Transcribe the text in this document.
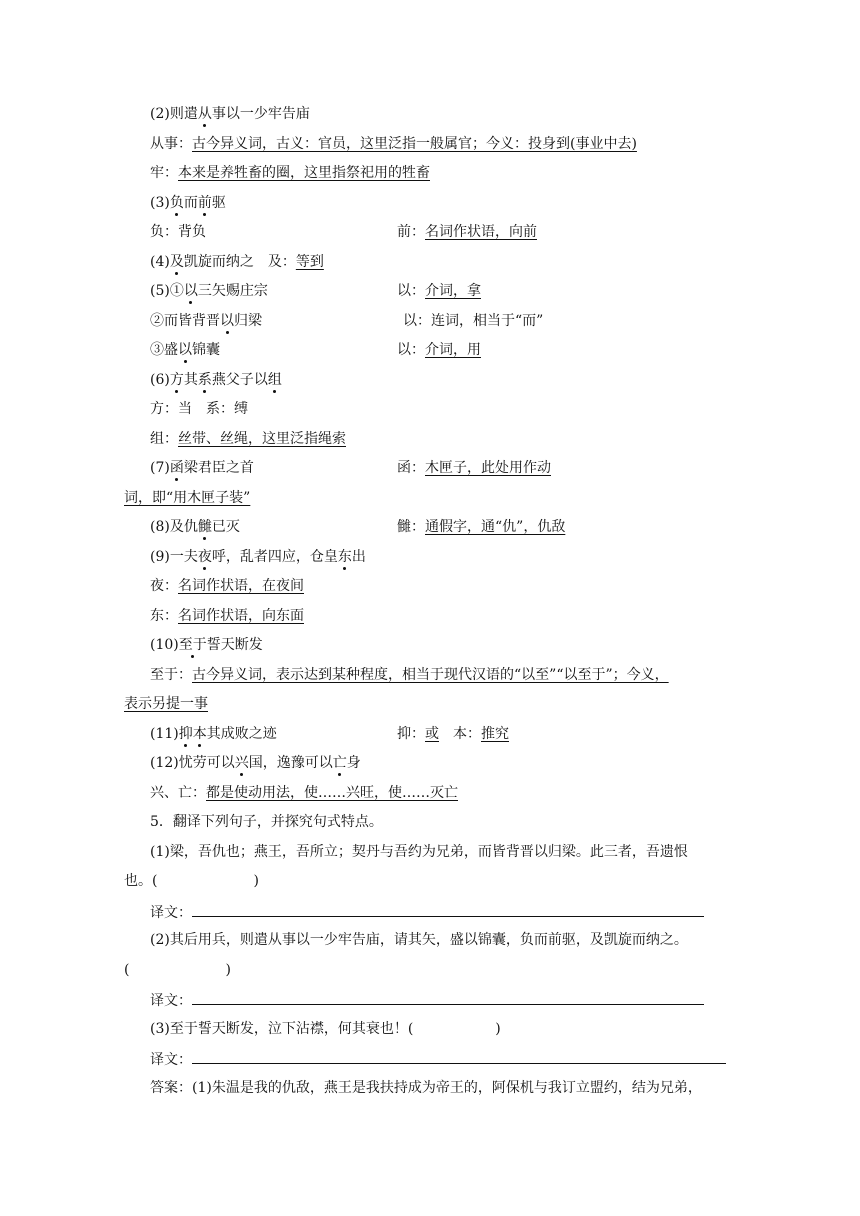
(2)则遣从事以一少牢告庙
从事：古今异义词，古义：官员，这里泛指一般属官；今义：投身到(事业中去)
牢：本来是养牲畜的圈，这里指祭祀用的牲畜
(3)负而前驱
负：背负	前：名词作状语，向前
(4)及凯旋而纳之　及：等到
(5)①以三矢赐庄宗	以：介词，拿
②而皆背晋以归梁	以：连词，相当于“而”
③盛以锦囊	以：介词，用
(6)方其系燕父子以组
方：当　系：缚
组：丝带、丝绳，这里泛指绳索
(7)函梁君臣之首	函：木匣子，此处用作动
词，即“用木匣子装”
(8)及仇雠已灭	雠：通假字，通“仇”，仇敌
(9)一夫夜呼，乱者四应，仓皇东出
夜：名词作状语，在夜间
东：名词作状语，向东面
(10)至于誓天断发
至于：古今异义词，表示达到某种程度，相当于现代汉语的“以至”“以至于”；今义，
表示另提一事
(11)抑本其成败之迹	抑：或　本：推究
(12)忧劳可以兴国，逸豫可以亡身
兴、亡：都是使动用法，使……兴旺，使……灭亡
5．翻译下列句子，并探究句式特点。
(1)梁，吾仇也；燕王，吾所立；契丹与吾约为兄弟，而皆背晋以归梁。此三者，吾遗恨
也。(	)
译文：
(2)其后用兵，则遣从事以一少牢告庙，请其矢，盛以锦囊，负而前驱，及凯旋而纳之。
(	)
译文：
(3)至于誓天断发，泣下沾襟，何其衰也！(	)
译文：
答案：(1)朱温是我的仇敌，燕王是我扶持成为帝王的，阿保机与我订立盟约，结为兄弟，
